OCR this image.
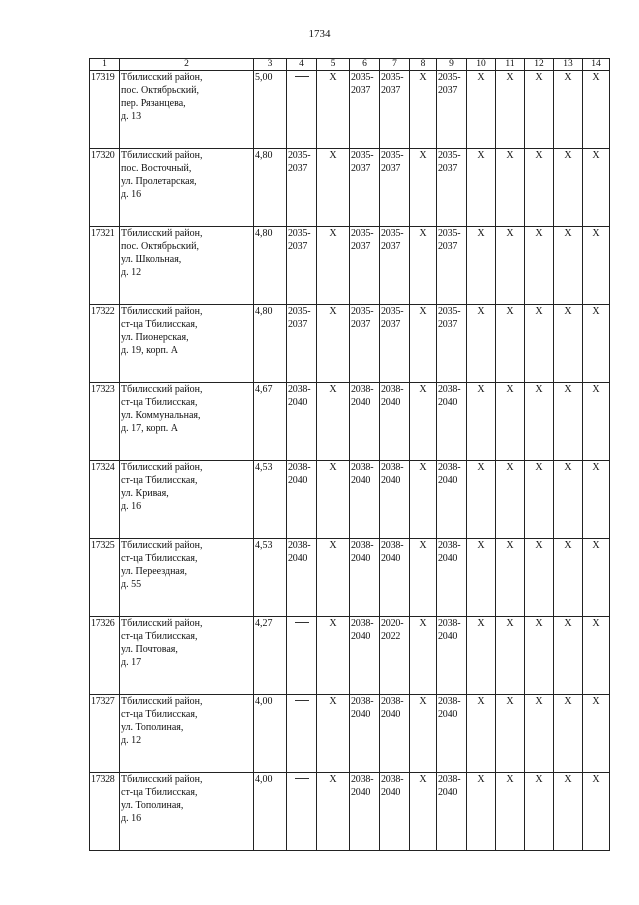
1734
1	2	3	4	5	6	7	8	9	10	11	12	13	14
17319	Тбилисский район,
пос. Октябрьский,
пер. Рязанцева,
д. 13	5,00		X	2035-
2037	2035-
2037	X	2035-
2037	X	X	X	X	X
17320	Тбилисский район,
пос. Восточный,
ул. Пролетарская,
д. 16	4,80	2035-
2037	X	2035-
2037	2035-
2037	X	2035-
2037	X	X	X	X	X
17321	Тбилисский район,
пос. Октябрьский,
ул. Школьная,
д. 12	4,80	2035-
2037	X	2035-
2037	2035-
2037	X	2035-
2037	X	X	X	X	X
17322	Тбилисский район,
ст-ца Тбилисская,
ул. Пионерская,
д. 19, корп. А	4,80	2035-
2037	X	2035-
2037	2035-
2037	X	2035-
2037	X	X	X	X	X
17323	Тбилисский район,
ст-ца Тбилисская,
ул. Коммунальная,
д. 17, корп. А	4,67	2038-
2040	X	2038-
2040	2038-
2040	X	2038-
2040	X	X	X	X	X
17324	Тбилисский район,
ст-ца Тбилисская,
ул. Кривая,
д. 16	4,53	2038-
2040	X	2038-
2040	2038-
2040	X	2038-
2040	X	X	X	X	X
17325	Тбилисский район,
ст-ца Тбилисская,
ул. Переездная,
д. 55	4,53	2038-
2040	X	2038-
2040	2038-
2040	X	2038-
2040	X	X	X	X	X
17326	Тбилисский район,
ст-ца Тбилисская,
ул. Почтовая,
д. 17	4,27		X	2038-
2040	2020-
2022	X	2038-
2040	X	X	X	X	X
17327	Тбилисский район,
ст-ца Тбилисская,
ул. Тополиная,
д. 12	4,00		X	2038-
2040	2038-
2040	X	2038-
2040	X	X	X	X	X
17328	Тбилисский район,
ст-ца Тбилисская,
ул. Тополиная,
д. 16	4,00		X	2038-
2040	2038-
2040	X	2038-
2040	X	X	X	X	X
